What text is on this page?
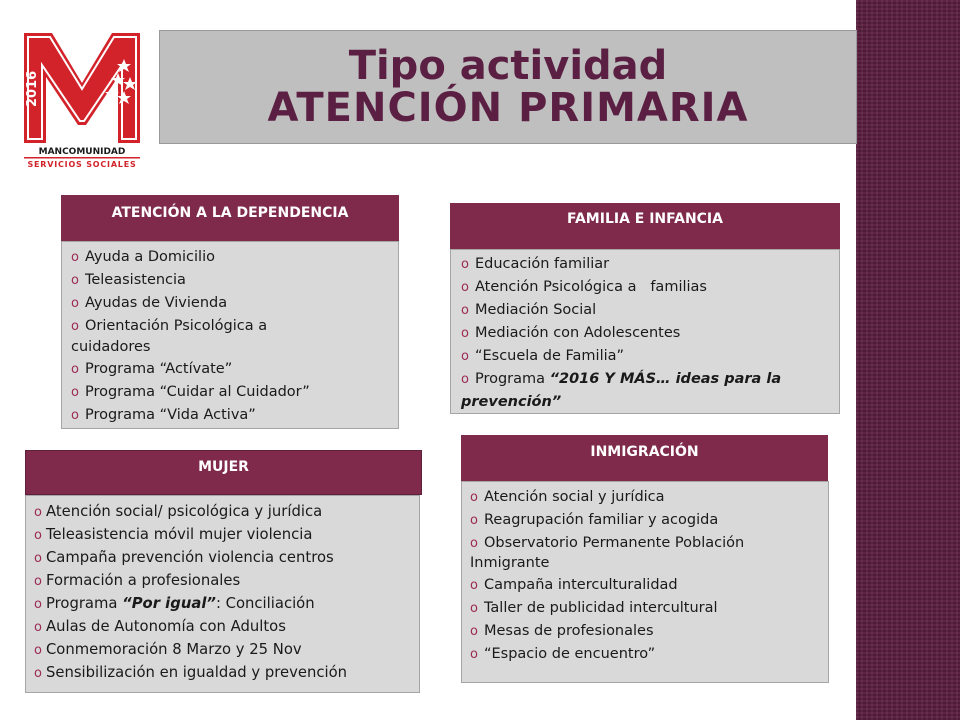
2016
MANCOMUNIDAD
SERVICIOS SOCIALES
Tipo actividad
ATENCIÓN PRIMARIA
ATENCIÓN A LA DEPENDENCIA
o Ayuda a Domicilio
o Teleasistencia
o Ayudas de Vivienda
o Orientación Psicológica a
cuidadores
o Programa “Actívate”
o Programa “Cuidar al Cuidador”
o Programa “Vida Activa”
FAMILIA E INFANCIA
o Educación familiar
o Atención Psicológica a   familias
o Mediación Social
o Mediación con Adolescentes
o “Escuela de Familia”
o Programa “2016 Y MÁS… ideas para la
prevención”
MUJER
o Atención social/ psicológica y jurídica
o Teleasistencia móvil mujer violencia
o Campaña prevención violencia centros
o Formación a profesionales
o Programa “Por igual”: Conciliación
o Aulas de Autonomía con Adultos
o Conmemoración 8 Marzo y 25 Nov
o Sensibilización en igualdad y prevención
INMIGRACIÓN
o Atención social y jurídica
o Reagrupación familiar y acogida
o Observatorio Permanente Población
Inmigrante
o Campaña interculturalidad
o Taller de publicidad intercultural
o Mesas de profesionales
o “Espacio de encuentro”
